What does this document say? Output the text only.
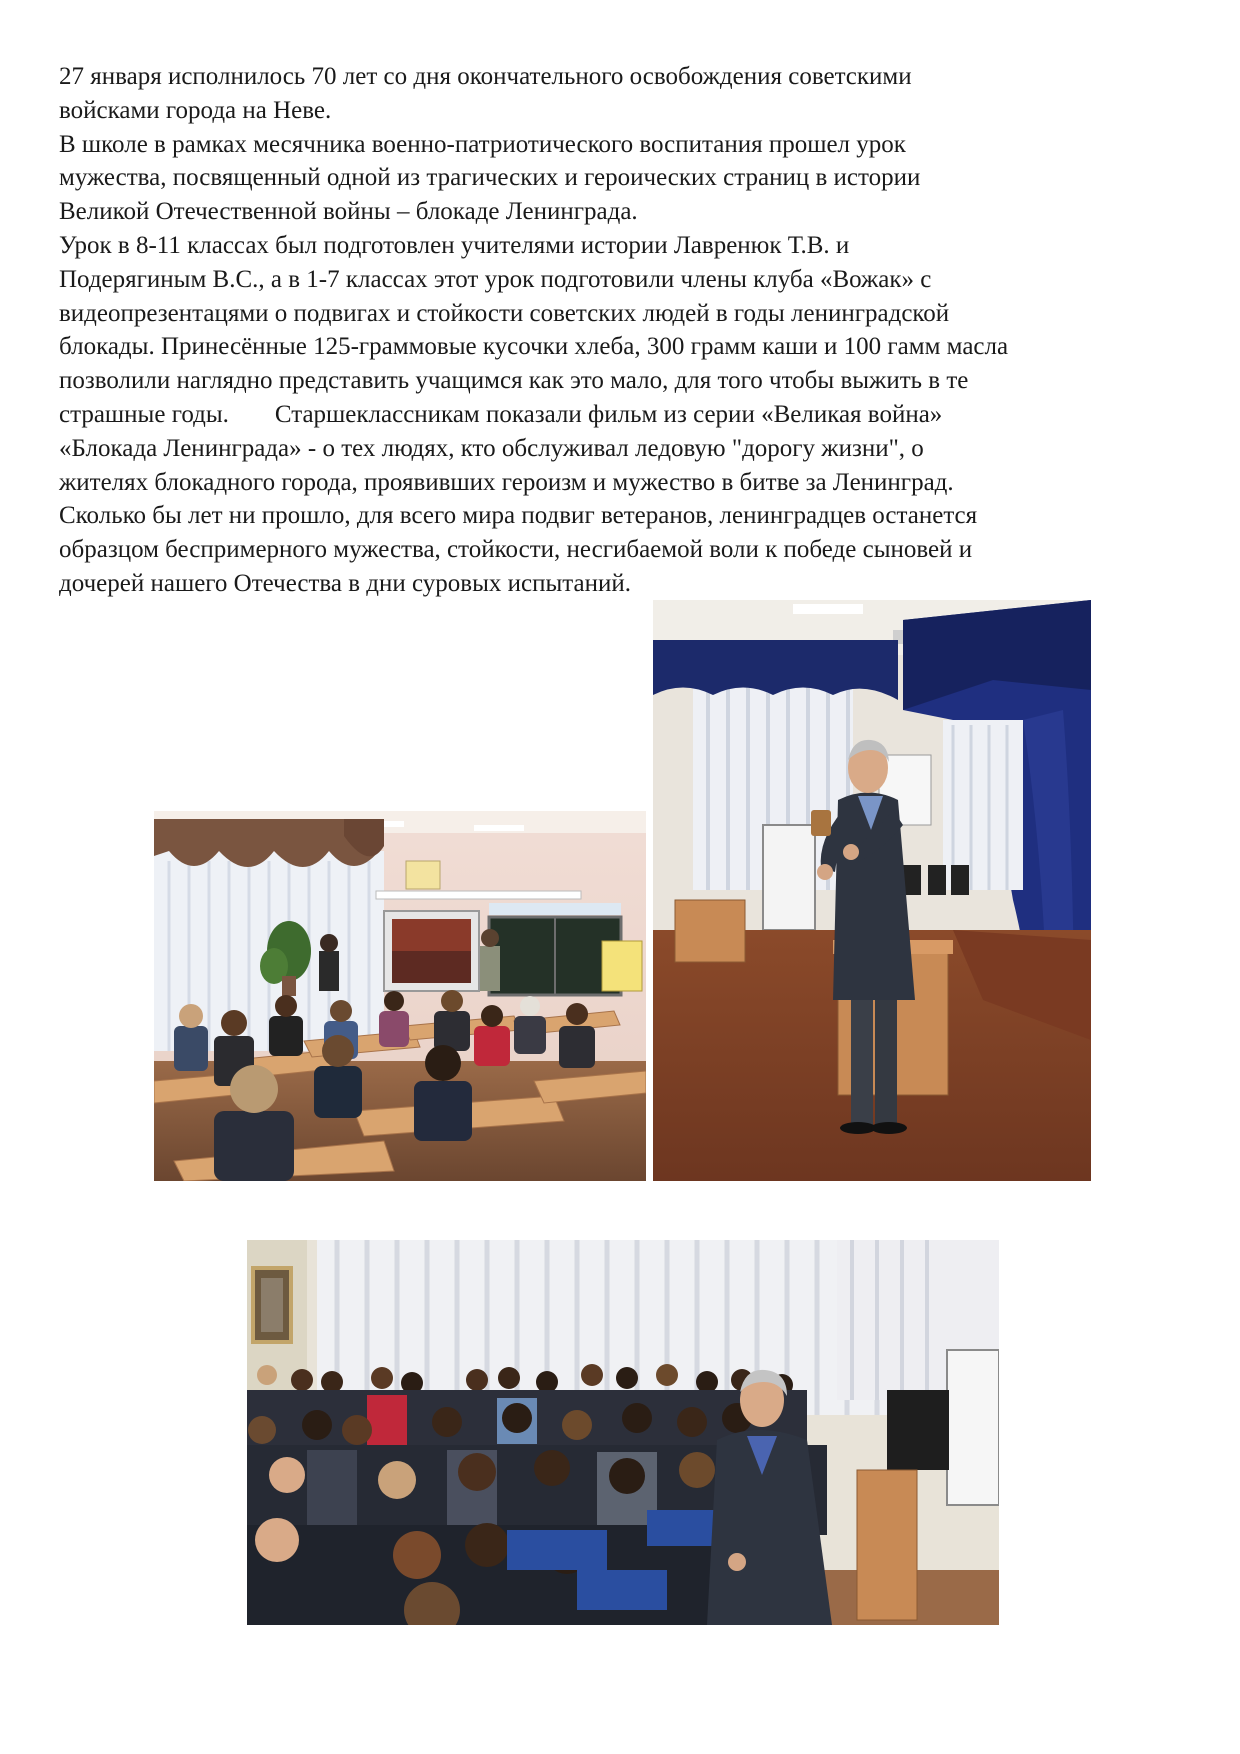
27 января исполнилось 70 лет со дня окончательного освобождения советскими
войсками города на Неве.
В школе в рамках месячника военно-патриотического воспитания прошел урок
мужества, посвященный одной из трагических и героических страниц в истории
Великой Отечественной войны – блокаде Ленинграда.
Урок в 8-11 классах был подготовлен учителями истории Лавренюк Т.В. и
Подерягиным В.С., а в 1-7 классах этот урок подготовили члены клуба «Вожак» с
видеопрезентацями о подвигах и стойкости советских людей в годы ленинградской
блокады. Принесённые 125-граммовые кусочки хлеба, 300 грамм каши и 100 гамм масла
позволили наглядно представить учащимся как это мало, для того чтобы выжить в те
страшные годы. Старшеклассникам показали фильм из серии «Великая война»
«Блокада Ленинграда» - о тех людях, кто обслуживал ледовую "дорогу жизни", о
жителях блокадного города, проявивших героизм и мужество в битве за Ленинград.
Сколько бы лет ни прошло, для всего мира подвиг ветеранов, ленинградцев останется
образцом беспримерного мужества, стойкости, несгибаемой воли к победе сыновей и
дочерей нашего Отечества в дни суровых испытаний.
